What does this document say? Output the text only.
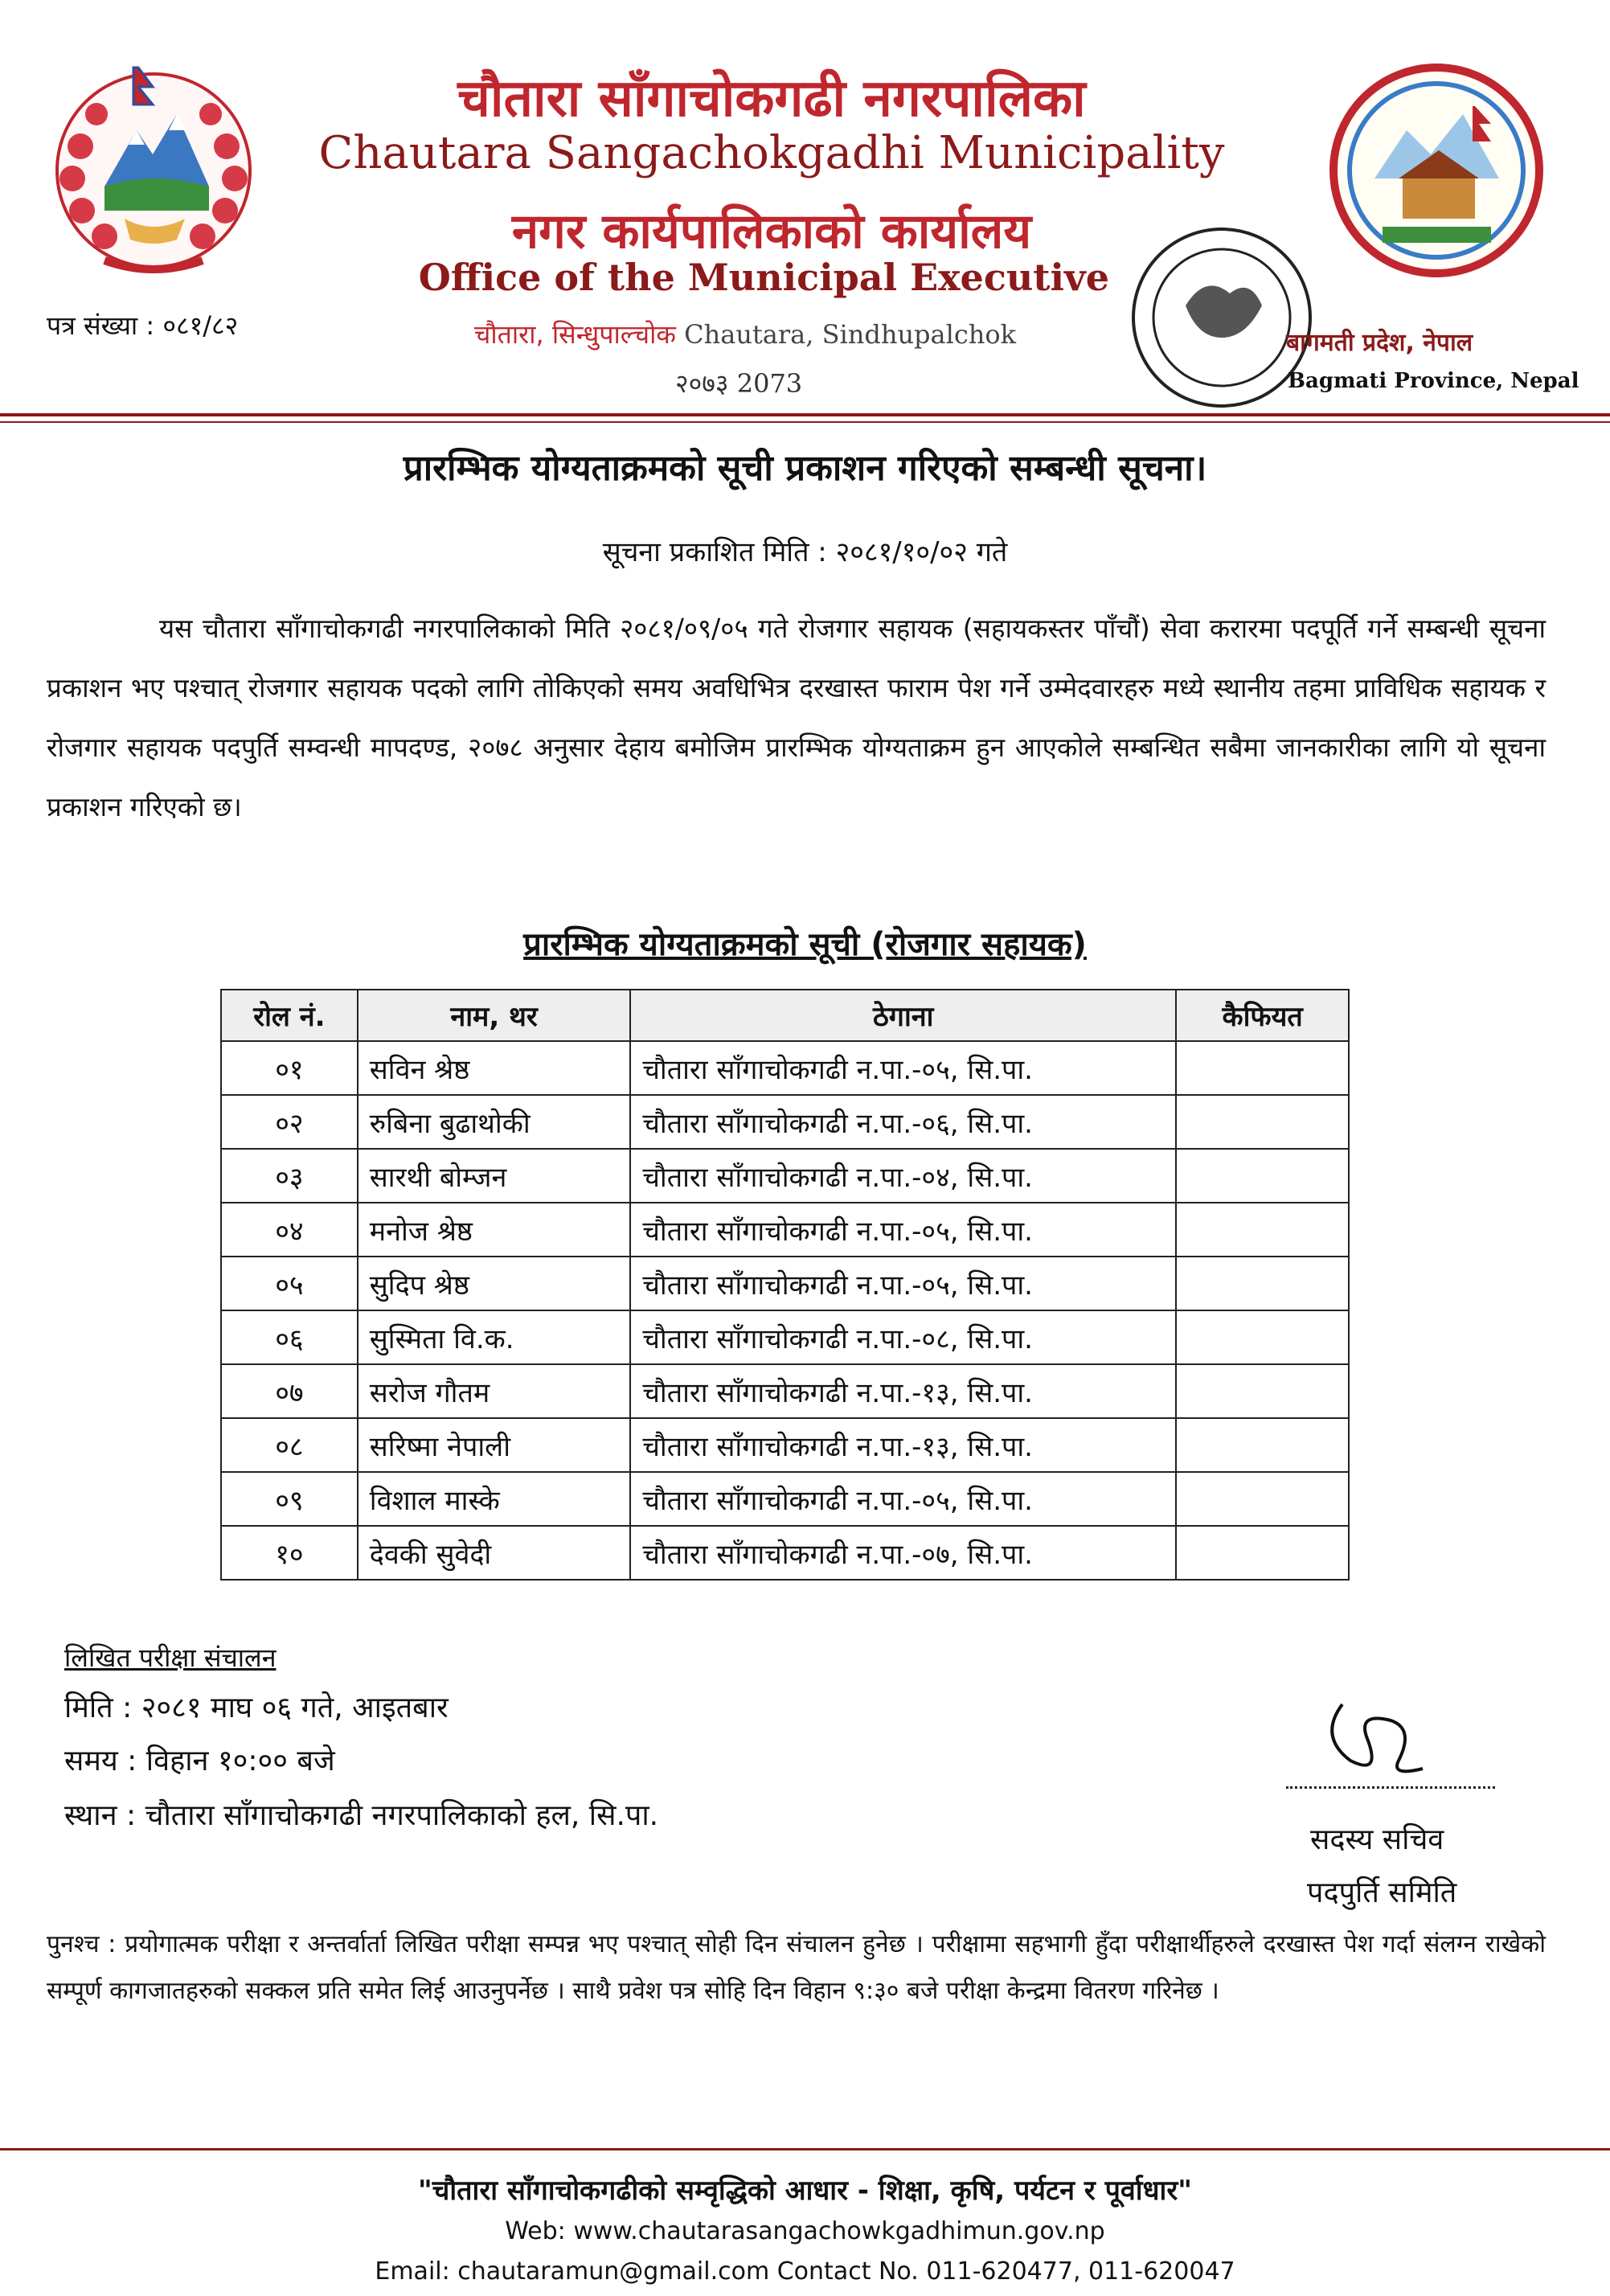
चौतारा साँगाचोकगढी नगरपालिका
Chautara Sangachokgadhi Municipality
नगर कार्यपालिकाको कार्यालय
Office of the Municipal Executive
चौतारा, सिन्धुपाल्चोक Chautara, Sindhupalchok
२०७३ 2073
पत्र संख्या : ०८१/८२
बागमती प्रदेश, नेपाल
Bagmati Province, Nepal
प्रारम्भिक योग्यताक्रमको सूची प्रकाशन गरिएको सम्बन्धी सूचना।
सूचना प्रकाशित मिति : २०८१/१०/०२ गते
यस चौतारा साँगाचोकगढी नगरपालिकाको मिति २०८१/०९/०५ गते रोजगार सहायक (सहायकस्तर पाँचौं) सेवा करारमा पदपूर्ति गर्ने सम्बन्धी सूचना प्रकाशन भए पश्चात् रोजगार सहायक पदको लागि तोकिएको समय अवधिभित्र दरखास्त फाराम पेश गर्ने उम्मेदवारहरु मध्ये स्थानीय तहमा प्राविधिक सहायक र रोजगार सहायक पदपुर्ति सम्वन्धी मापदण्ड, २०७८ अनुसार देहाय बमोजिम प्रारम्भिक योग्यताक्रम हुन आएकोले सम्बन्धित सबैमा जानकारीका लागि यो सूचना प्रकाशन गरिएको छ।
प्रारम्भिक योग्यताक्रमको सूची (रोजगार सहायक)
रोल नं.	नाम, थर	ठेगाना	कैफियत
०१	सविन श्रेष्ठ	चौतारा साँगाचोकगढी न.पा.-०५, सि.पा.	
०२	रुबिना बुढाथोकी	चौतारा साँगाचोकगढी न.पा.-०६, सि.पा.	
०३	सारथी बोम्जन	चौतारा साँगाचोकगढी न.पा.-०४, सि.पा.	
०४	मनोज श्रेष्ठ	चौतारा साँगाचोकगढी न.पा.-०५, सि.पा.	
०५	सुदिप श्रेष्ठ	चौतारा साँगाचोकगढी न.पा.-०५, सि.पा.	
०६	सुस्मिता वि.क.	चौतारा साँगाचोकगढी न.पा.-०८, सि.पा.	
०७	सरोज गौतम	चौतारा साँगाचोकगढी न.पा.-१३, सि.पा.	
०८	सरिष्मा नेपाली	चौतारा साँगाचोकगढी न.पा.-१३, सि.पा.	
०९	विशाल मास्के	चौतारा साँगाचोकगढी न.पा.-०५, सि.पा.	
१०	देवकी सुवेदी	चौतारा साँगाचोकगढी न.पा.-०७, सि.पा.	
लिखित परीक्षा संचालन
मिति : २०८१ माघ ०६ गते, आइतबार
समय : विहान १०:०० बजे
स्थान : चौतारा साँगाचोकगढी नगरपालिकाको हल, सि.पा.
सदस्य सचिव
पदपुर्ति समिति
पुनश्च : प्रयोगात्मक परीक्षा र अन्तर्वार्ता लिखित परीक्षा सम्पन्न भए पश्चात् सोही दिन संचालन हुनेछ । परीक्षामा सहभागी हुँदा परीक्षार्थीहरुले दरखास्त पेश गर्दा संलग्न राखेको सम्पूर्ण कागजातहरुको सक्कल प्रति समेत लिई आउनुपर्नेछ । साथै प्रवेश पत्र सोहि दिन विहान ९:३० बजे परीक्षा केन्द्रमा वितरण गरिनेछ ।
"चौतारा साँगाचोकगढीको सम्वृद्धिको आधार - शिक्षा, कृषि, पर्यटन र पूर्वाधार"
Web: www.chautarasangachowkgadhimun.gov.np
Email: chautaramun@gmail.com Contact No. 011-620477, 011-620047
